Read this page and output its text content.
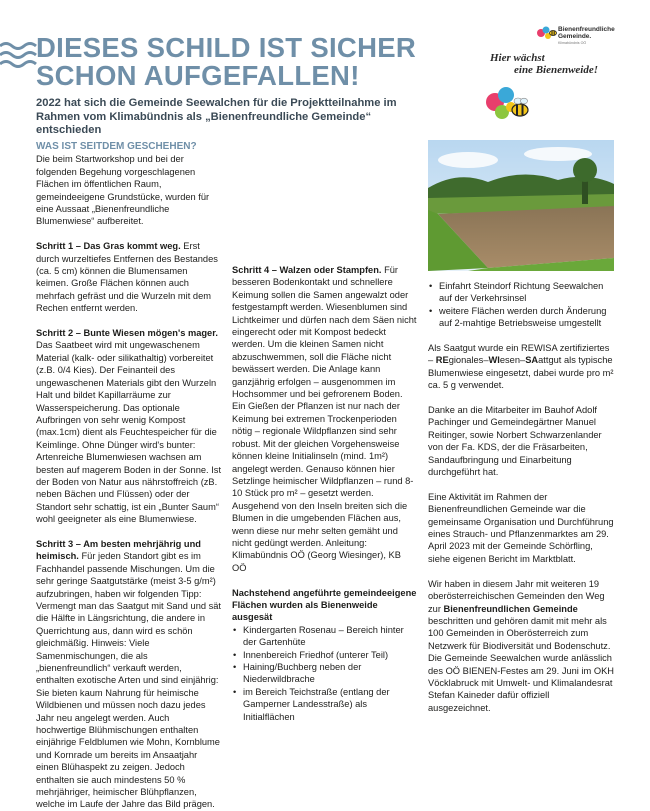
DIESES SCHILD IST SICHER
SCHON AUFGEFALLEN!
2022 hat sich die Gemeinde Seewalchen für die Projektteilnahme im Rahmen vom Klimabündnis als „Bienenfreundliche Gemeinde“ entschieden
Bienenfreundliche
Gemeinde.
Klimabündnis OÖ
Hier wächst
eine Bienenweide!

WAS IST SEITDEM GESCHEHEN?
Die beim Startworkshop und bei der folgenden Begehung vorgeschlagenen Flächen im öffentlichen Raum, gemeindeeigene Grundstücke, wurden für eine Aussaat „Bienenfreundliche Blumenwiese“ aufbereitet.

Schritt 1 – Das Gras kommt weg. Erst durch wurzeltiefes Entfernen des Bestandes (ca. 5 cm) können die Blumensamen keimen. Große Flächen können auch mehrfach gefräst und die Wurzeln mit dem Rechen entfernt werden.

Schritt 2 – Bunte Wiesen mögen's mager. Das Saatbeet wird mit ungewaschenem Material (kalk- oder silikathaltig) vorbereitet (z.B. 0/4 Kies). Der Feinanteil des ungewaschenen Materials gibt den Wurzeln Halt und bildet Kapillarräume zur Wasserspeicherung. Das optionale Aufbringen von sehr wenig Kompost (max.1cm) dient als Feuchtespeicher für die Keimlinge. Ohne Dünger wird's bunter: Artenreiche Blumenwiesen wachsen am besten auf magerem Boden in der Sonne. Ist der Boden von Natur aus nährstoffreich (zB. neben Bächen und Flüssen) oder der Standort sehr schattig, ist ein „Bunter Saum“ wohl geeigneter als eine Blumenwiese.

Schritt 3 – Am besten mehrjährig und heimisch. Für jeden Standort gibt es im Fachhandel passende Mischungen. Um die sehr geringe Saatgutstärke (meist 3-5 g/m²) aufzubringen, haben wir folgenden Tipp: Vermengt man das Saatgut mit Sand und sät die Hälfte in Längsrichtung, die andere in Querrichtung aus, dann wird es schön gleichmäßig. Hinweis: Viele Samenmischungen, die als „bienenfreundlich“ verkauft werden, enthalten exotische Arten und sind einjährig: Sie bieten kaum Nahrung für heimische Wildbienen und müssen noch dazu jedes Jahr neu angelegt werden. Auch hochwertige Blühmischungen enthalten einjährige Feldblumen wie Mohn, Kornblume und Kornrade um bereits im Ansaatjahr einen Blühaspekt zu zeigen. Jedoch enthalten sie auch mindestens 50 % mehrjähriger, heimischer Blühpflanzen, welche im Laufe der Jahre das Bild prägen.

Schritt 4 – Walzen oder Stampfen. Für besseren Bodenkontakt und schnellere Keimung sollen die Samen angewalzt oder festgestampft werden. Wiesenblumen sind Lichtkeimer und dürfen nach dem Säen nicht eingerecht oder mit Kompost bedeckt werden. Um die kleinen Samen nicht abzuschwemmen, soll die Fläche nicht bewässert werden. Die Anlage kann ganzjährig erfolgen – ausgenommen im Hochsommer und bei gefrorenem Boden. Ein Gießen der Pflanzen ist nur nach der Keimung bei extremen Trockenperioden nötig – regionale Wildpflanzen sind sehr robust. Mit der gleichen Vorgehensweise können kleine Initialinseln (mind. 1m²) angelegt werden. Genauso können hier Setzlinge heimischer Wildpflanzen – rund 8-10 Stück pro m² – gesetzt werden. Ausgehend von den Inseln breiten sich die Blumen in die umgebenden Flächen aus, wenn diese nur mehr selten gemäht und nicht gedüngt werden. Anleitung: Klimabündnis OÖ (Georg Wiesinger), KB OÖ

Nachstehend angeführte gemeindeeigene Flächen wurden als Bienenweide ausgesät

• Kindergarten Rosenau – Bereich hinter der Gartenhüte
• Innenbereich Friedhof (unterer Teil)
• Haining/Buchberg neben der Niederwildbrache
• im Bereich Teichstraße (entlang der Gamperner Landesstraße) als Initialflächen
• Einfahrt Steindorf Richtung Seewalchen auf der Verkehrsinsel
• weitere Flächen werden durch Änderung auf 2-mahtige Betriebsweise umgestellt

Als Saatgut wurde ein REWISA zertifiziertes – REgionales–WIesen–SAattgut als typische Blumenwiese eingesetzt, dabei wurde pro m² ca. 5 g verwendet.

Danke an die Mitarbeiter im Bauhof Adolf Pachinger und Gemeindegärtner Manuel Reitinger, sowie Norbert Schwarzenlander von der Fa. KDS, der die Fräsarbeiten, Sandaufbringung und Einarbeitung durchgeführt hat.

Eine Aktivität im Rahmen der Bienenfreundlichen Gemeinde war die gemeinsame Organisation und Durchführung eines Strauch- und Pflanzenmarktes am 29. April 2023 mit der Gemeinde Schörfling, siehe eigenen Bericht im Marktblatt.

Wir haben in diesem Jahr mit weiteren 19 oberösterreichischen Gemeinden den Weg zur Bienenfreundlichen Gemeinde beschritten und gehören damit mit mehr als 100 Gemeinden in Oberösterreich zum Netzwerk für Biodiversität und Bodenschutz. Die Gemeinde Seewalchen wurde anlässlich des OÖ BIENEN-Festes am 29. Juni im OKH Vöcklabruck mit Umwelt- und Klimalandesrat Stefan Kaineder dafür offiziell ausgezeichnet.
